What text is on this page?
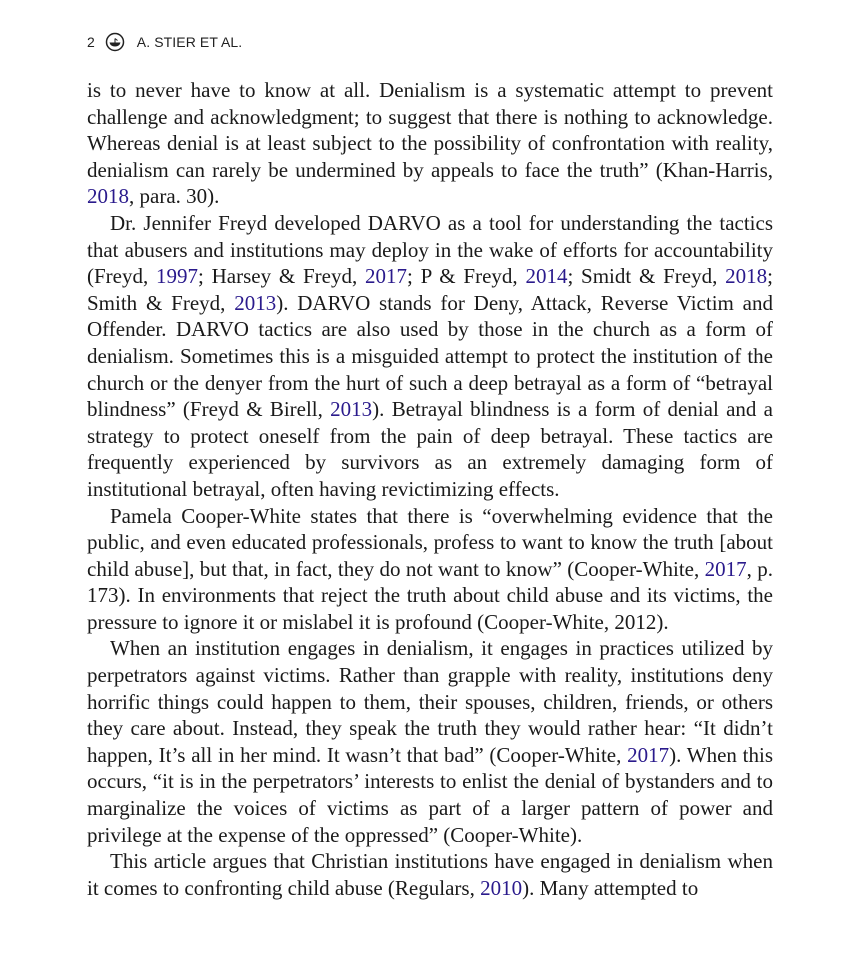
2	A. STIER ET AL.

is to never have to know at all. Denialism is a systematic attempt to prevent challenge and acknowledgment; to suggest that there is nothing to acknowledge. Whereas denial is at least subject to the possibility of confrontation with reality, denialism can rarely be undermined by appeals to face the truth” (Khan-Harris, 2018, para. 30).

Dr. Jennifer Freyd developed DARVO as a tool for understanding the tactics that abusers and institutions may deploy in the wake of efforts for accountability (Freyd, 1997; Harsey & Freyd, 2017; P & Freyd, 2014; Smidt & Freyd, 2018; Smith & Freyd, 2013). DARVO stands for Deny, Attack, Reverse Victim and Offender. DARVO tactics are also used by those in the church as a form of denialism. Sometimes this is a misguided attempt to protect the institution of the church or the denyer from the hurt of such a deep betrayal as a form of “betrayal blindness” (Freyd & Birell, 2013). Betrayal blindness is a form of denial and a strategy to protect oneself from the pain of deep betrayal. These tactics are frequently experienced by survivors as an extremely damaging form of institutional betrayal, often having revictimizing effects.

Pamela Cooper-White states that there is “overwhelming evidence that the public, and even educated professionals, profess to want to know the truth [about child abuse], but that, in fact, they do not want to know” (Cooper-White, 2017, p. 173). In environments that reject the truth about child abuse and its victims, the pressure to ignore it or mislabel it is profound (Cooper-White, 2012).

When an institution engages in denialism, it engages in practices utilized by perpetrators against victims. Rather than grapple with reality, institutions deny horrific things could happen to them, their spouses, children, friends, or others they care about. Instead, they speak the truth they would rather hear: “It didn’t happen, It’s all in her mind. It wasn’t that bad” (Cooper-White, 2017). When this occurs, “it is in the perpetrators’ interests to enlist the denial of bystanders and to marginalize the voices of victims as part of a larger pattern of power and privilege at the expense of the oppressed” (Cooper-White).

This article argues that Christian institutions have engaged in denialism when it comes to confronting child abuse (Regulars, 2010). Many attempted to
